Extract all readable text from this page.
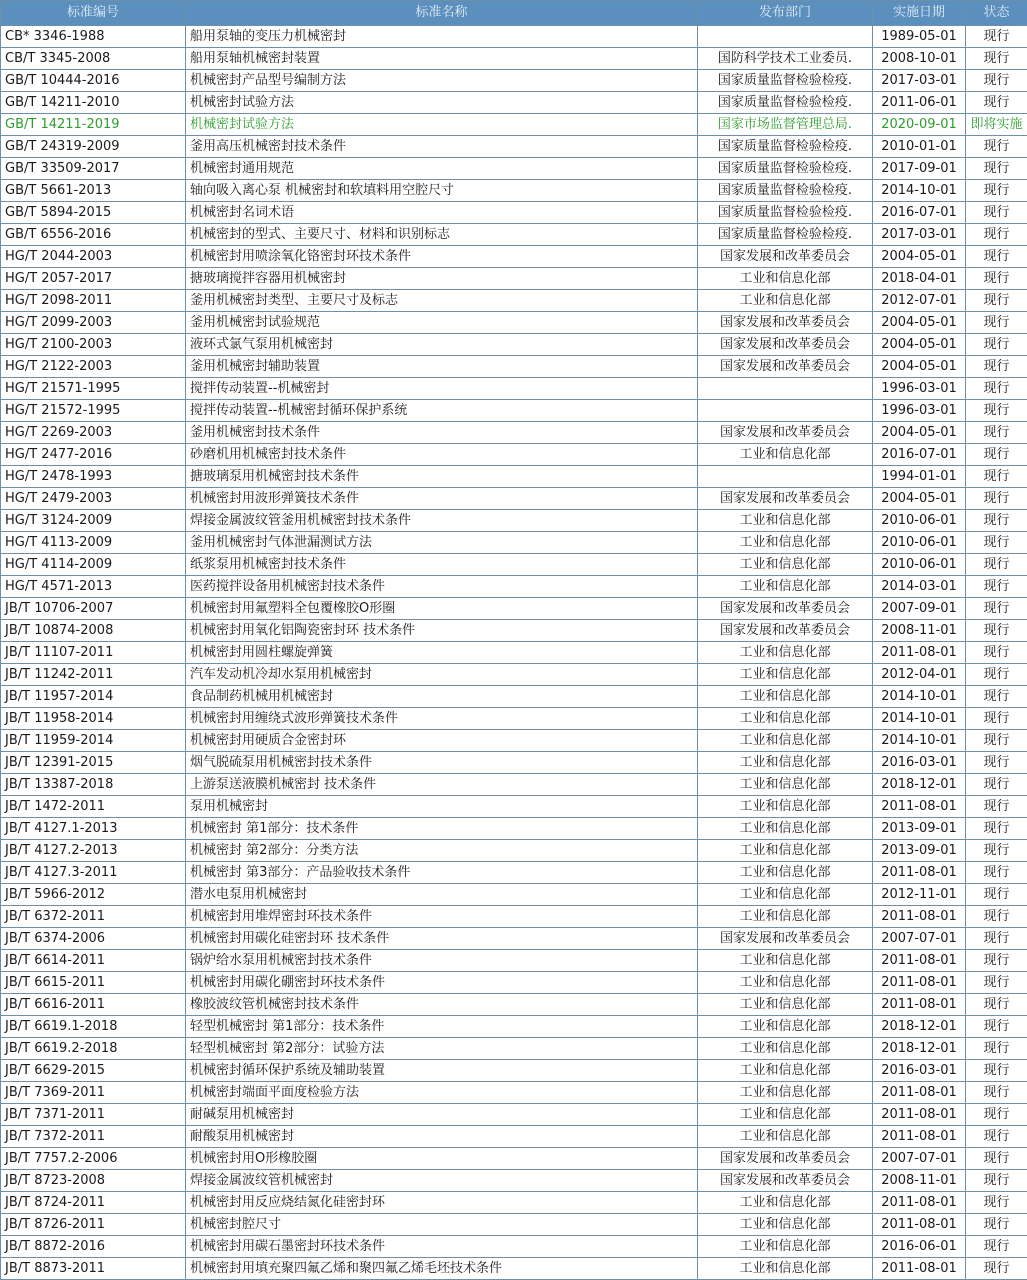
标准编号	标准名称	发布部门	实施日期	状态
CB* 3346-1988	船用泵轴的变压力机械密封		1989-05-01	现行
CB/T 3345-2008	船用泵轴机械密封装置	国防科学技术工业委员.	2008-10-01	现行
GB/T 10444-2016	机械密封产品型号编制方法	国家质量监督检验检疫.	2017-03-01	现行
GB/T 14211-2010	机械密封试验方法	国家质量监督检验检疫.	2011-06-01	现行
GB/T 14211-2019	机械密封试验方法	国家市场监督管理总局.	2020-09-01	即将实施
GB/T 24319-2009	釜用高压机械密封技术条件	国家质量监督检验检疫.	2010-01-01	现行
GB/T 33509-2017	机械密封通用规范	国家质量监督检验检疫.	2017-09-01	现行
GB/T 5661-2013	轴向吸入离心泵 机械密封和软填料用空腔尺寸	国家质量监督检验检疫.	2014-10-01	现行
GB/T 5894-2015	机械密封名词术语	国家质量监督检验检疫.	2016-07-01	现行
GB/T 6556-2016	机械密封的型式、主要尺寸、材料和识别标志	国家质量监督检验检疫.	2017-03-01	现行
HG/T 2044-2003	机械密封用喷涂氧化铬密封环技术条件	国家发展和改革委员会	2004-05-01	现行
HG/T 2057-2017	搪玻璃搅拌容器用机械密封	工业和信息化部	2018-04-01	现行
HG/T 2098-2011	釜用机械密封类型、主要尺寸及标志	工业和信息化部	2012-07-01	现行
HG/T 2099-2003	釜用机械密封试验规范	国家发展和改革委员会	2004-05-01	现行
HG/T 2100-2003	液环式氯气泵用机械密封	国家发展和改革委员会	2004-05-01	现行
HG/T 2122-2003	釜用机械密封辅助装置	国家发展和改革委员会	2004-05-01	现行
HG/T 21571-1995	搅拌传动装置--机械密封		1996-03-01	现行
HG/T 21572-1995	搅拌传动装置--机械密封循环保护系统		1996-03-01	现行
HG/T 2269-2003	釜用机械密封技术条件	国家发展和改革委员会	2004-05-01	现行
HG/T 2477-2016	砂磨机用机械密封技术条件	工业和信息化部	2016-07-01	现行
HG/T 2478-1993	搪玻璃泵用机械密封技术条件		1994-01-01	现行
HG/T 2479-2003	机械密封用波形弹簧技术条件	国家发展和改革委员会	2004-05-01	现行
HG/T 3124-2009	焊接金属波纹管釜用机械密封技术条件	工业和信息化部	2010-06-01	现行
HG/T 4113-2009	釜用机械密封气体泄漏测试方法	工业和信息化部	2010-06-01	现行
HG/T 4114-2009	纸浆泵用机械密封技术条件	工业和信息化部	2010-06-01	现行
HG/T 4571-2013	医药搅拌设备用机械密封技术条件	工业和信息化部	2014-03-01	现行
JB/T 10706-2007	机械密封用氟塑料全包覆橡胶O形圈	国家发展和改革委员会	2007-09-01	现行
JB/T 10874-2008	机械密封用氧化铝陶瓷密封环 技术条件	国家发展和改革委员会	2008-11-01	现行
JB/T 11107-2011	机械密封用圆柱螺旋弹簧	工业和信息化部	2011-08-01	现行
JB/T 11242-2011	汽车发动机冷却水泵用机械密封	工业和信息化部	2012-04-01	现行
JB/T 11957-2014	食品制药机械用机械密封	工业和信息化部	2014-10-01	现行
JB/T 11958-2014	机械密封用缠绕式波形弹簧技术条件	工业和信息化部	2014-10-01	现行
JB/T 11959-2014	机械密封用硬质合金密封环	工业和信息化部	2014-10-01	现行
JB/T 12391-2015	烟气脱硫泵用机械密封技术条件	工业和信息化部	2016-03-01	现行
JB/T 13387-2018	上游泵送液膜机械密封 技术条件	工业和信息化部	2018-12-01	现行
JB/T 1472-2011	泵用机械密封	工业和信息化部	2011-08-01	现行
JB/T 4127.1-2013	机械密封 第1部分：技术条件	工业和信息化部	2013-09-01	现行
JB/T 4127.2-2013	机械密封 第2部分：分类方法	工业和信息化部	2013-09-01	现行
JB/T 4127.3-2011	机械密封 第3部分：产品验收技术条件	工业和信息化部	2011-08-01	现行
JB/T 5966-2012	潜水电泵用机械密封	工业和信息化部	2012-11-01	现行
JB/T 6372-2011	机械密封用堆焊密封环技术条件	工业和信息化部	2011-08-01	现行
JB/T 6374-2006	机械密封用碳化硅密封环 技术条件	国家发展和改革委员会	2007-07-01	现行
JB/T 6614-2011	锅炉给水泵用机械密封技术条件	工业和信息化部	2011-08-01	现行
JB/T 6615-2011	机械密封用碳化硼密封环技术条件	工业和信息化部	2011-08-01	现行
JB/T 6616-2011	橡胶波纹管机械密封技术条件	工业和信息化部	2011-08-01	现行
JB/T 6619.1-2018	轻型机械密封 第1部分：技术条件	工业和信息化部	2018-12-01	现行
JB/T 6619.2-2018	轻型机械密封 第2部分：试验方法	工业和信息化部	2018-12-01	现行
JB/T 6629-2015	机械密封循环保护系统及辅助装置	工业和信息化部	2016-03-01	现行
JB/T 7369-2011	机械密封端面平面度检验方法	工业和信息化部	2011-08-01	现行
JB/T 7371-2011	耐碱泵用机械密封	工业和信息化部	2011-08-01	现行
JB/T 7372-2011	耐酸泵用机械密封	工业和信息化部	2011-08-01	现行
JB/T 7757.2-2006	机械密封用O形橡胶圈	国家发展和改革委员会	2007-07-01	现行
JB/T 8723-2008	焊接金属波纹管机械密封	国家发展和改革委员会	2008-11-01	现行
JB/T 8724-2011	机械密封用反应烧结氮化硅密封环	工业和信息化部	2011-08-01	现行
JB/T 8726-2011	机械密封腔尺寸	工业和信息化部	2011-08-01	现行
JB/T 8872-2016	机械密封用碳石墨密封环技术条件	工业和信息化部	2016-06-01	现行
JB/T 8873-2011	机械密封用填充聚四氟乙烯和聚四氟乙烯毛坯技术条件	工业和信息化部	2011-08-01	现行
